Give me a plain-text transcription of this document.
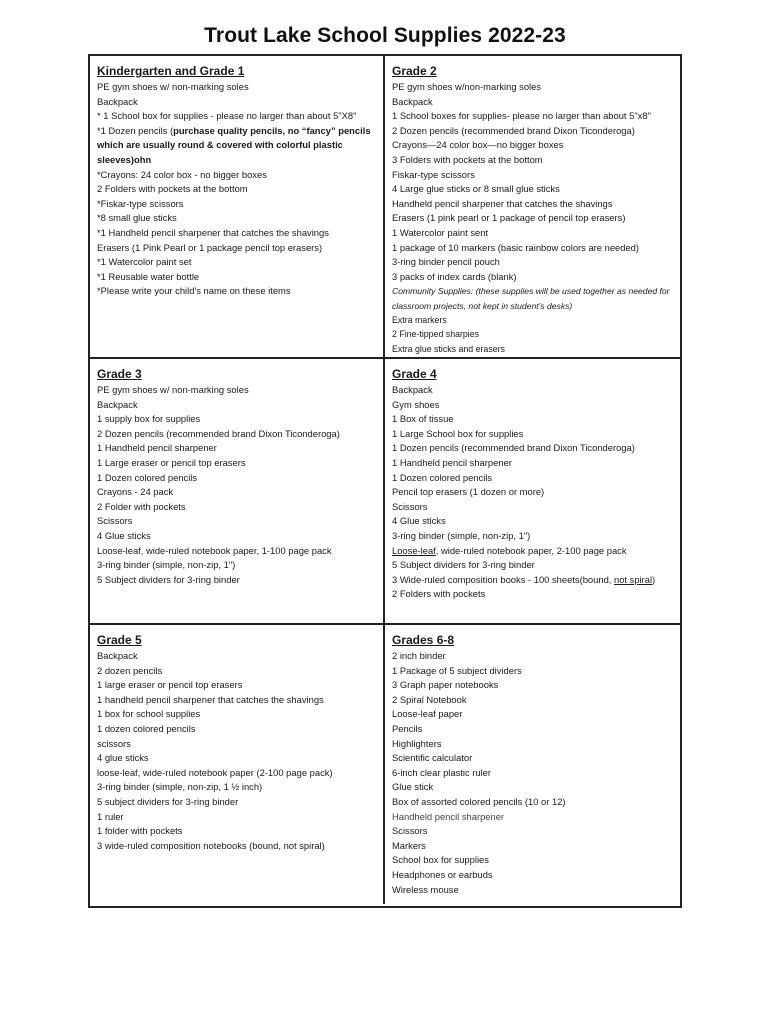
Trout Lake School Supplies 2022-23
Kindergarten and Grade 1
PE gym shoes w/ non-marking soles
Backpack
* 1 School box for supplies - please no larger than about 5"X8"
*1 Dozen pencils (purchase quality pencils, no “fancy” pencils which are usually round & covered with colorful plastic sleeves)ohn
*Crayons: 24 color box - no bigger boxes
2 Folders with pockets at the bottom
*Fiskar-type scissors
*8 small glue sticks
*1 Handheld pencil sharpener that catches the shavings
Erasers (1 Pink Pearl or 1 package pencil top erasers)
*1 Watercolor paint set
*1 Reusable water bottle
*Please write your child's name on these items
Grade 2
PE gym shoes w/non-marking soles
Backpack
1 School boxes for supplies- please no larger than about 5"x8"
2 Dozen pencils (recommended brand Dixon Ticonderoga)
Crayons—24 color box—no bigger boxes
3 Folders with pockets at the bottom
Fiskar-type scissors
4 Large glue sticks or 8 small glue sticks
Handheld pencil sharpener that catches the shavings
Erasers (1 pink pearl or 1 package of pencil top erasers)
1 Watercolor paint sent
1 package of 10 markers (basic rainbow colors are needed)
3-ring binder pencil pouch
3 packs of index cards (blank)
Community Supplies: (these supplies will be used together as needed for classroom projects, not kept in student's desks)
Extra markers
2 Fine-tipped sharpies
Extra glue sticks and erasers
Grade 3
PE gym shoes w/ non-marking soles
Backpack
1 supply box for supplies
2 Dozen pencils (recommended brand Dixon Ticonderoga)
1 Handheld pencil sharpener
1 Large eraser or pencil top erasers
1 Dozen colored pencils
Crayons - 24 pack
2 Folder with pockets
Scissors
4 Glue sticks
Loose-leaf, wide-ruled notebook paper, 1-100 page pack
3-ring binder (simple, non-zip, 1")
5 Subject dividers for 3-ring binder
Grade 4
Backpack
Gym shoes
1 Box of tissue
1 Large School box for supplies
1 Dozen pencils (recommended brand Dixon Ticonderoga)
1 Handheld pencil sharpener
1 Dozen colored pencils
Pencil top erasers (1 dozen or more)
Scissors
4 Glue sticks
3-ring binder (simple, non-zip, 1")
Loose-leaf, wide-ruled notebook paper, 2-100 page pack
5 Subject dividers for 3-ring binder
3 Wide-ruled composition books - 100 sheets(bound, not spiral)
2 Folders with pockets
Grade 5
Backpack
2 dozen pencils
1 large eraser or pencil top erasers
1 handheld pencil sharpener that catches the shavings
1 box for school supplies
1 dozen colored pencils
scissors
4 glue sticks
loose-leaf, wide-ruled notebook paper (2-100 page pack)
3-ring binder (simple, non-zip, 1 ½ inch)
5 subject dividers for 3-ring binder
1 ruler
1 folder with pockets
3 wide-ruled composition notebooks (bound, not spiral)
Grades 6-8
2 inch binder
1 Package of 5 subject dividers
3 Graph paper notebooks
2 Spiral Notebook
Loose-leaf paper
Pencils
Highlighters
Scientific calculator
6-inch clear plastic ruler
Glue stick
Box of assorted colored pencils (10 or 12)
Handheld pencil sharpener
Scissors
Markers
School box for supplies
Headphones or earbuds
Wireless mouse
